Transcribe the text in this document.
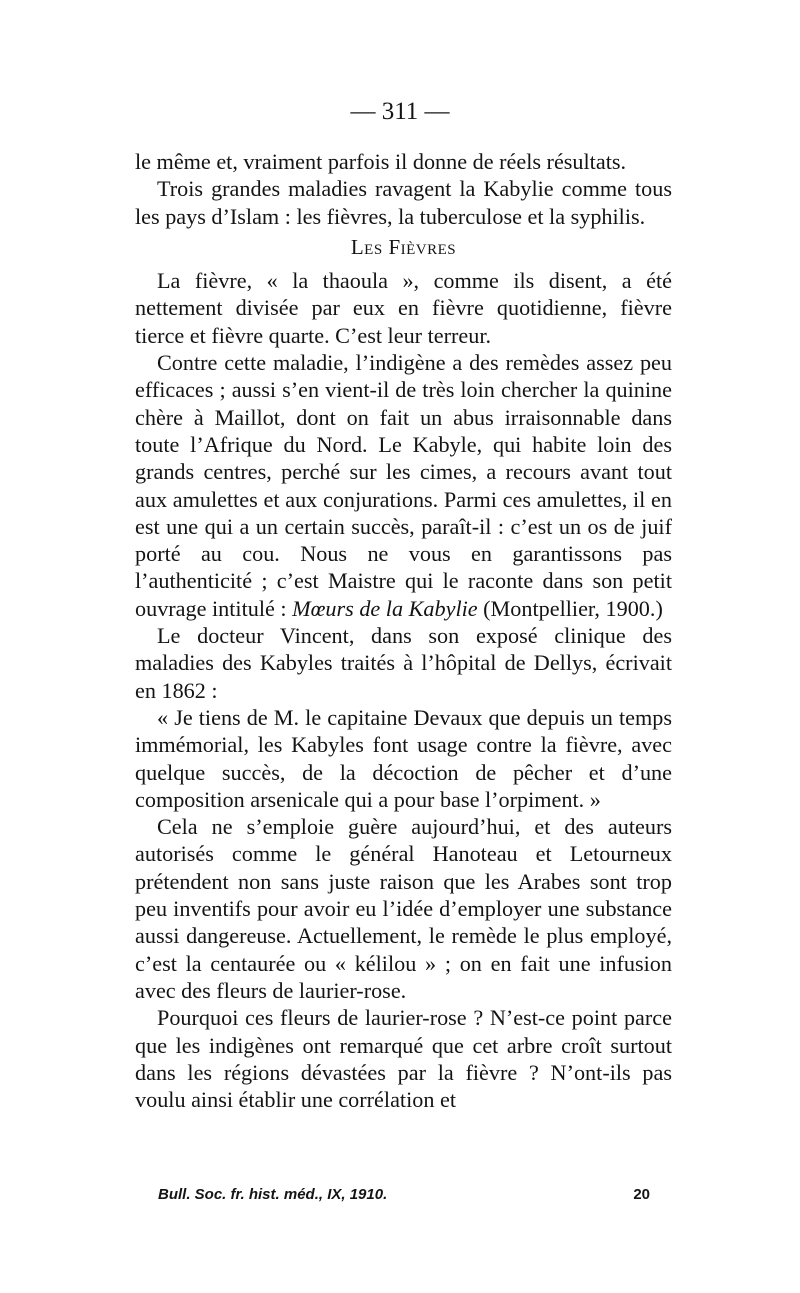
— 311 —

le même et, vraiment parfois il donne de réels résultats.

Trois grandes maladies ravagent la Kabylie comme tous les pays d’Islam : les fièvres, la tuberculose et la syphilis.

Les Fièvres

La fièvre, « la thaoula », comme ils disent, a été nettement divisée par eux en fièvre quotidienne, fièvre tierce et fièvre quarte. C’est leur terreur.

Contre cette maladie, l’indigène a des remèdes assez peu efficaces ; aussi s’en vient-il de très loin chercher la quinine chère à Maillot, dont on fait un abus irraisonnable dans toute l’Afrique du Nord. Le Kabyle, qui habite loin des grands centres, perché sur les cimes, a recours avant tout aux amulettes et aux conjurations. Parmi ces amulettes, il en est une qui a un certain succès, paraît-il : c’est un os de juif porté au cou. Nous ne vous en garantissons pas l’authenticité ; c’est Maistre qui le raconte dans son petit ouvrage intitulé : Mœurs de la Kabylie (Montpellier, 1900.)

Le docteur Vincent, dans son exposé clinique des maladies des Kabyles traités à l’hôpital de Dellys, écrivait en 1862 :

« Je tiens de M. le capitaine Devaux que depuis un temps immémorial, les Kabyles font usage contre la fièvre, avec quelque succès, de la décoction de pêcher et d’une composition arsenicale qui a pour base l’orpiment. »

Cela ne s’emploie guère aujourd’hui, et des auteurs autorisés comme le général Hanoteau et Letourneux prétendent non sans juste raison que les Arabes sont trop peu inventifs pour avoir eu l’idée d’employer une substance aussi dangereuse. Actuellement, le remède le plus employé, c’est la centaurée ou « kélilou » ; on en fait une infusion avec des fleurs de laurier-rose.

Pourquoi ces fleurs de laurier-rose ? N’est-ce point parce que les indigènes ont remarqué que cet arbre croît surtout dans les régions dévastées par la fièvre ? N’ont-ils pas voulu ainsi établir une corrélation et

Bull. Soc. fr. hist. méd., IX, 1910.	20
